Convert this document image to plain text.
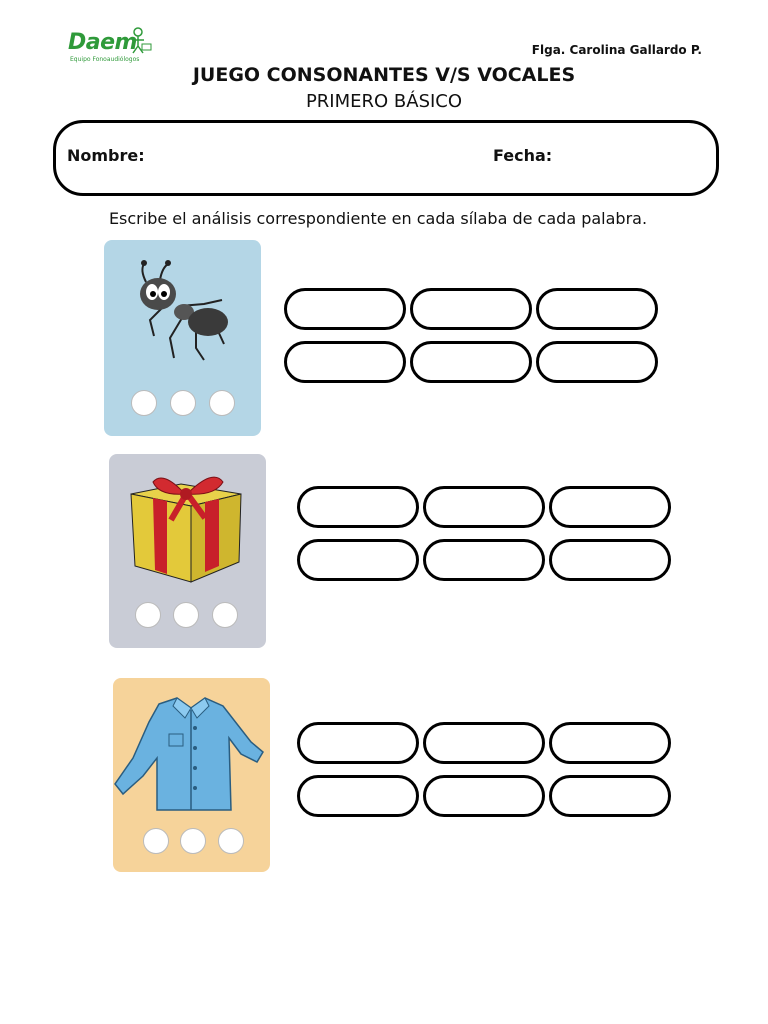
Daem
Equipo Fonoaudiólogos
Flga. Carolina Gallardo P.
JUEGO CONSONANTES V/S VOCALES
PRIMERO BÁSICO
Nombre:	Fecha:
Escribe el análisis correspondiente en cada sílaba de cada palabra.
